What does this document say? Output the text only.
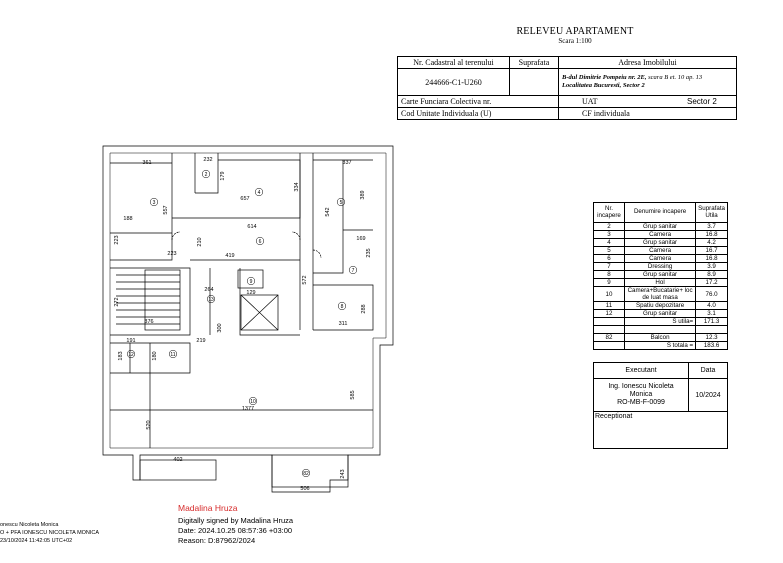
RELEVEU APARTAMENT
Scara 1:100
Nr. Cadastral al terenului	Suprafata	Adresa Imobilului
244666-C1-U260		B-dul Dimitrie Pompeiu nr. 2E, scara B et. 10 ap. 13
Localitatea Bucuresti, Sector 2
Carte Funciara Colectiva nr.		UAT Sector 2
Cod Unitate Individuala (U)		CF individuala
Nr. incapere	Denumire incapere	Suprafata Utila
2	Grup sanitar	3.7
3	Camera	16.8
4	Grup sanitar	4.2
5	Camera	16.7
6	Camera	16.8
7	Dressing	3.9
8	Grup sanitar	8.9
9	Hol	17.2
10	Camera+Bucatarie+ loc de luat masa	76.0
11	Spatiu depozitare	4.0
12	Grup sanitar	3.1
	S utila=	171.3

82	Balcon	12.3
	S totala =	183.6
Executant	Data
Ing. Ionescu Nicoleta
Monica
RO-MB-F-0099	10/2024
Receptionat	
361	232
179
337
557
657
334
542
389
188
223
614
210	169
235
223	419
572
264	129
300
272
376
288
311
191	219
183	180
585
1377
520
402
243
506
2
3
4
5
6
7
8
9
10
11
12
13
82
Madalina Hruza
Digitally signed by Madalina Hruza
Date: 2024.10.25 08:57:36 +03:00
Reason: D:87962/2024
onescu Nicoleta Monica
O + PFA IONESCU NICOLETA MONICA
23/10/2024 11:42:05 UTC+02
